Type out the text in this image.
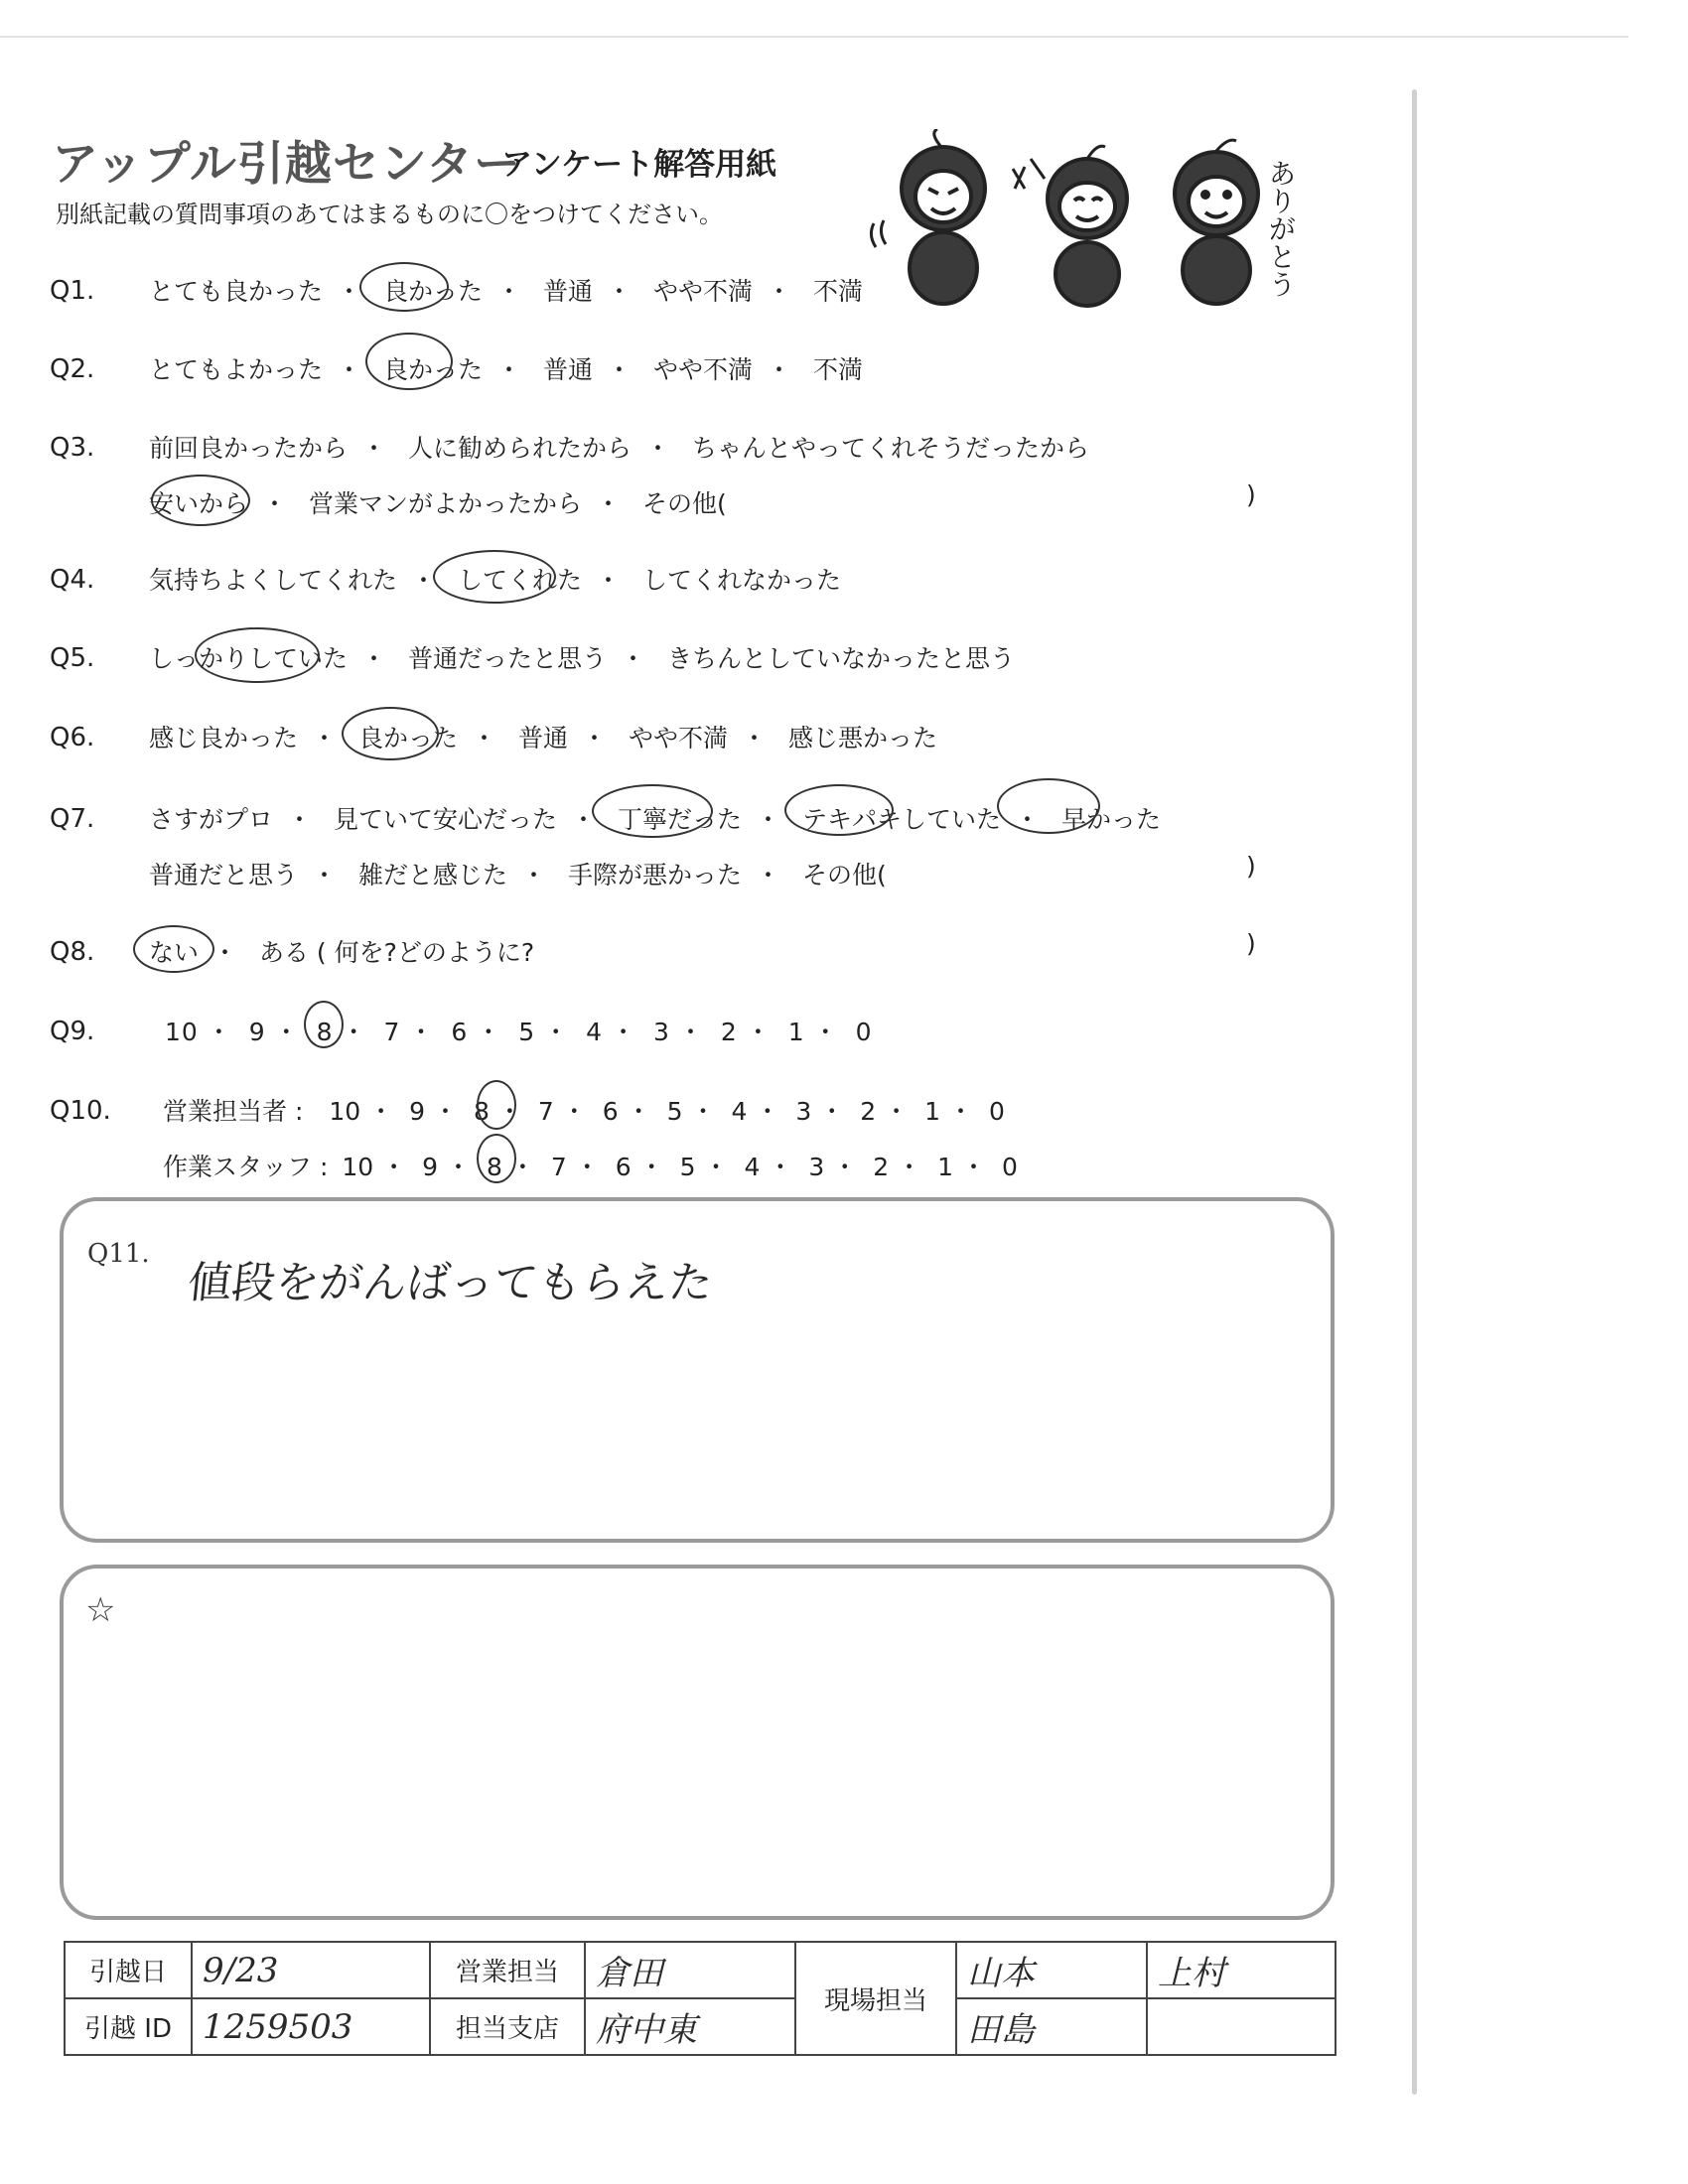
アップル引越センター
アンケート解答用紙
別紙記載の質問事項のあてはまるものに〇をつけてください。	ありがとう
Q1. とても良かった ・ 良かった ・ 普通 ・ やや不満 ・ 不満
Q2. とてもよかった ・ 良かった ・ 普通 ・ やや不満 ・ 不満
Q3. 前回良かったから ・ 人に勧められたから ・ ちゃんとやってくれそうだったから
安いから ・ 営業マンがよかったから ・ その他(	)
Q4. 気持ちよくしてくれた ・ してくれた ・ してくれなかった
Q5. しっかりしていた ・ 普通だったと思う ・ きちんとしていなかったと思う
Q6. 感じ良かった ・ 良かった ・ 普通 ・ やや不満 ・ 感じ悪かった
Q7. さすがプロ ・ 見ていて安心だった ・ 丁寧だった ・ テキパキしていた ・ 早かった
普通だと思う ・ 雑だと感じた ・ 手際が悪かった ・ その他(	)
Q8. ない ・ ある ( 何を?どのように?	)
Q9.	10 ・ 9 ・ 8 ・ 7 ・ 6 ・ 5 ・ 4 ・ 3 ・ 2 ・ 1 ・ 0
Q10. 営業担当者 : 10 ・ 9 ・ 8 ・ 7 ・ 6 ・ 5 ・ 4 ・ 3 ・ 2 ・ 1 ・ 0
作業スタッフ : 10 ・ 9 ・ 8 ・ 7 ・ 6 ・ 5 ・ 4 ・ 3 ・ 2 ・ 1 ・ 0
Q11.
値段をがんばってもらえた
☆
引越日	9/23	営業担当	倉田	現場担当	山本	上村
引越 ID	1259503	担当支店	府中東		田島	
